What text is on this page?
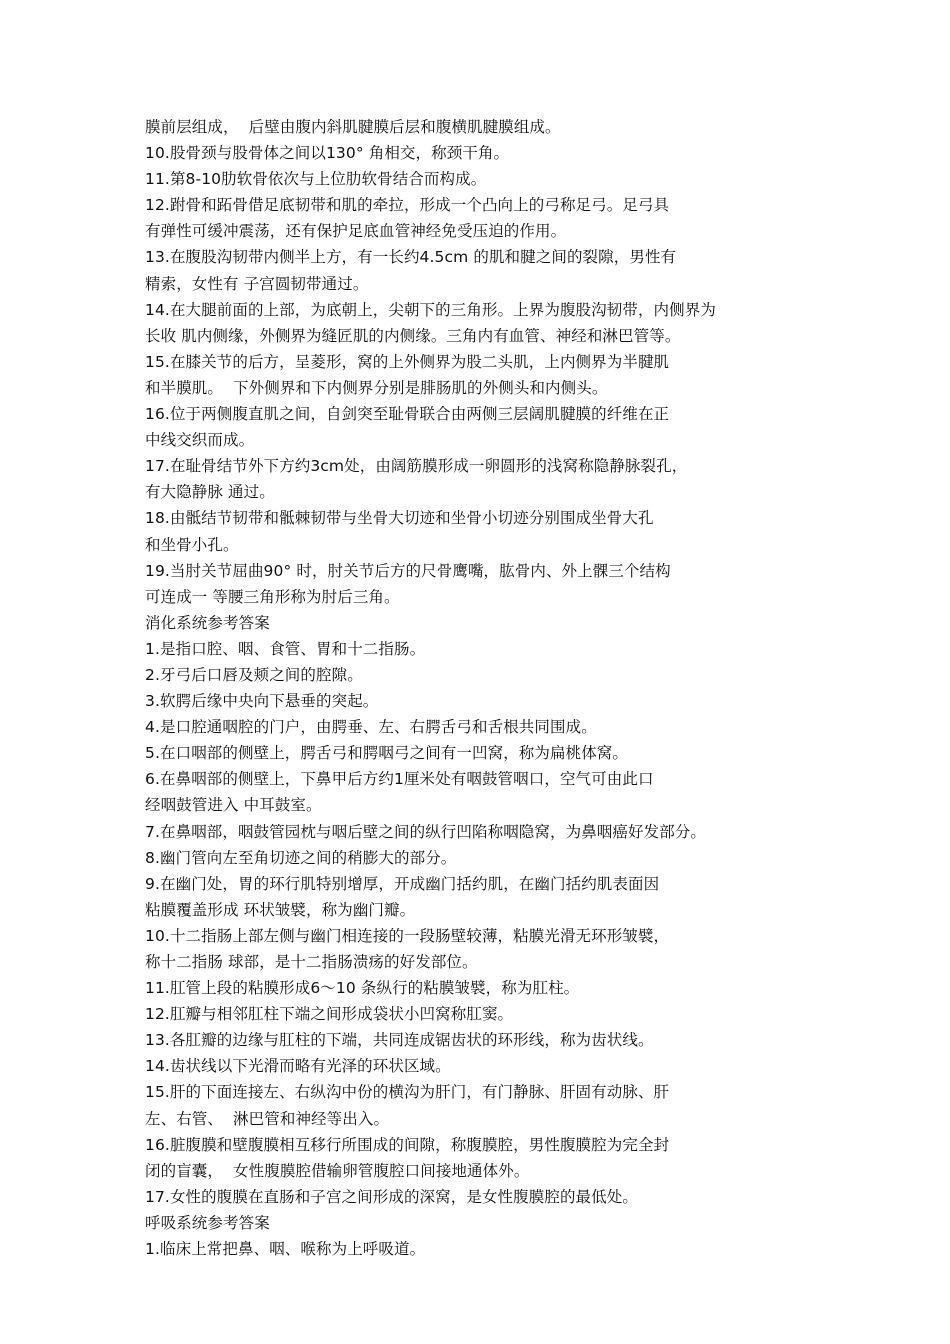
膜前层组成，  后壁由腹内斜肌腱膜后层和腹横肌腱膜组成。
10.股骨颈与股骨体之间以130° 角相交，称颈干角。
11.第8-10肋软骨依次与上位肋软骨结合而构成。
12.跗骨和跖骨借足底韧带和肌的牵拉，形成一个凸向上的弓称足弓。足弓具
有弹性可缓冲震荡，还有保护足底血管神经免受压迫的作用。
13.在腹股沟韧带内侧半上方，有一长约4.5cm 的肌和腱之间的裂隙，男性有
精索，女性有 子宫圆韧带通过。
14.在大腿前面的上部，为底朝上，尖朝下的三角形。上界为腹股沟韧带，内侧界为
长收 肌内侧缘，外侧界为缝匠肌的内侧缘。三角内有血管、神经和淋巴管等。
15.在膝关节的后方，呈菱形，窝的上外侧界为股二头肌，上内侧界为半腱肌
和半膜肌。  下外侧界和下内侧界分别是腓肠肌的外侧头和内侧头。
16.位于两侧腹直肌之间，自剑突至耻骨联合由两侧三层阔肌腱膜的纤维在正
中线交织而成。
17.在耻骨结节外下方约3cm处，由阔筋膜形成一卵圆形的浅窝称隐静脉裂孔，
有大隐静脉 通过。
18.由骶结节韧带和骶棘韧带与坐骨大切迹和坐骨小切迹分别围成坐骨大孔
和坐骨小孔。
19.当肘关节屈曲90° 时，肘关节后方的尺骨鹰嘴，肱骨内、外上髁三个结构
可连成一 等腰三角形称为肘后三角。
消化系统参考答案
1.是指口腔、咽、食管、胃和十二指肠。
2.牙弓后口唇及颊之间的腔隙。
3.软腭后缘中央向下悬垂的突起。
4.是口腔通咽腔的门户，由腭垂、左、右腭舌弓和舌根共同围成。
5.在口咽部的侧壁上，腭舌弓和腭咽弓之间有一凹窝，称为扁桃体窝。
6.在鼻咽部的侧壁上，下鼻甲后方约1厘米处有咽鼓管咽口，空气可由此口
经咽鼓管进入 中耳鼓室。
7.在鼻咽部，咽鼓管园枕与咽后壁之间的纵行凹陷称咽隐窝，为鼻咽癌好发部分。
8.幽门管向左至角切迹之间的稍膨大的部分。
9.在幽门处，胃的环行肌特别增厚，开成幽门括约肌，在幽门括约肌表面因
粘膜覆盖形成 环状皱襞，称为幽门瓣。
10.十二指肠上部左侧与幽门相连接的一段肠壁较薄，粘膜光滑无环形皱襞，
称十二指肠 球部，是十二指肠溃疡的好发部位。
11.肛管上段的粘膜形成6～10 条纵行的粘膜皱襞，称为肛柱。
12.肛瓣与相邻肛柱下端之间形成袋状小凹窝称肛窦。
13.各肛瓣的边缘与肛柱的下端，共同连成锯齿状的环形线，称为齿状线。
14.齿状线以下光滑而略有光泽的环状区域。
15.肝的下面连接左、右纵沟中份的横沟为肝门，有门静脉、肝固有动脉、肝
左、右管、  淋巴管和神经等出入。
16.脏腹膜和壁腹膜相互移行所围成的间隙，称腹膜腔，男性腹膜腔为完全封
闭的盲囊，  女性腹膜腔借输卵管腹腔口间接地通体外。
17.女性的腹膜在直肠和子宫之间形成的深窝，是女性腹膜腔的最低处。
呼吸系统参考答案
1.临床上常把鼻、咽、喉称为上呼吸道。
